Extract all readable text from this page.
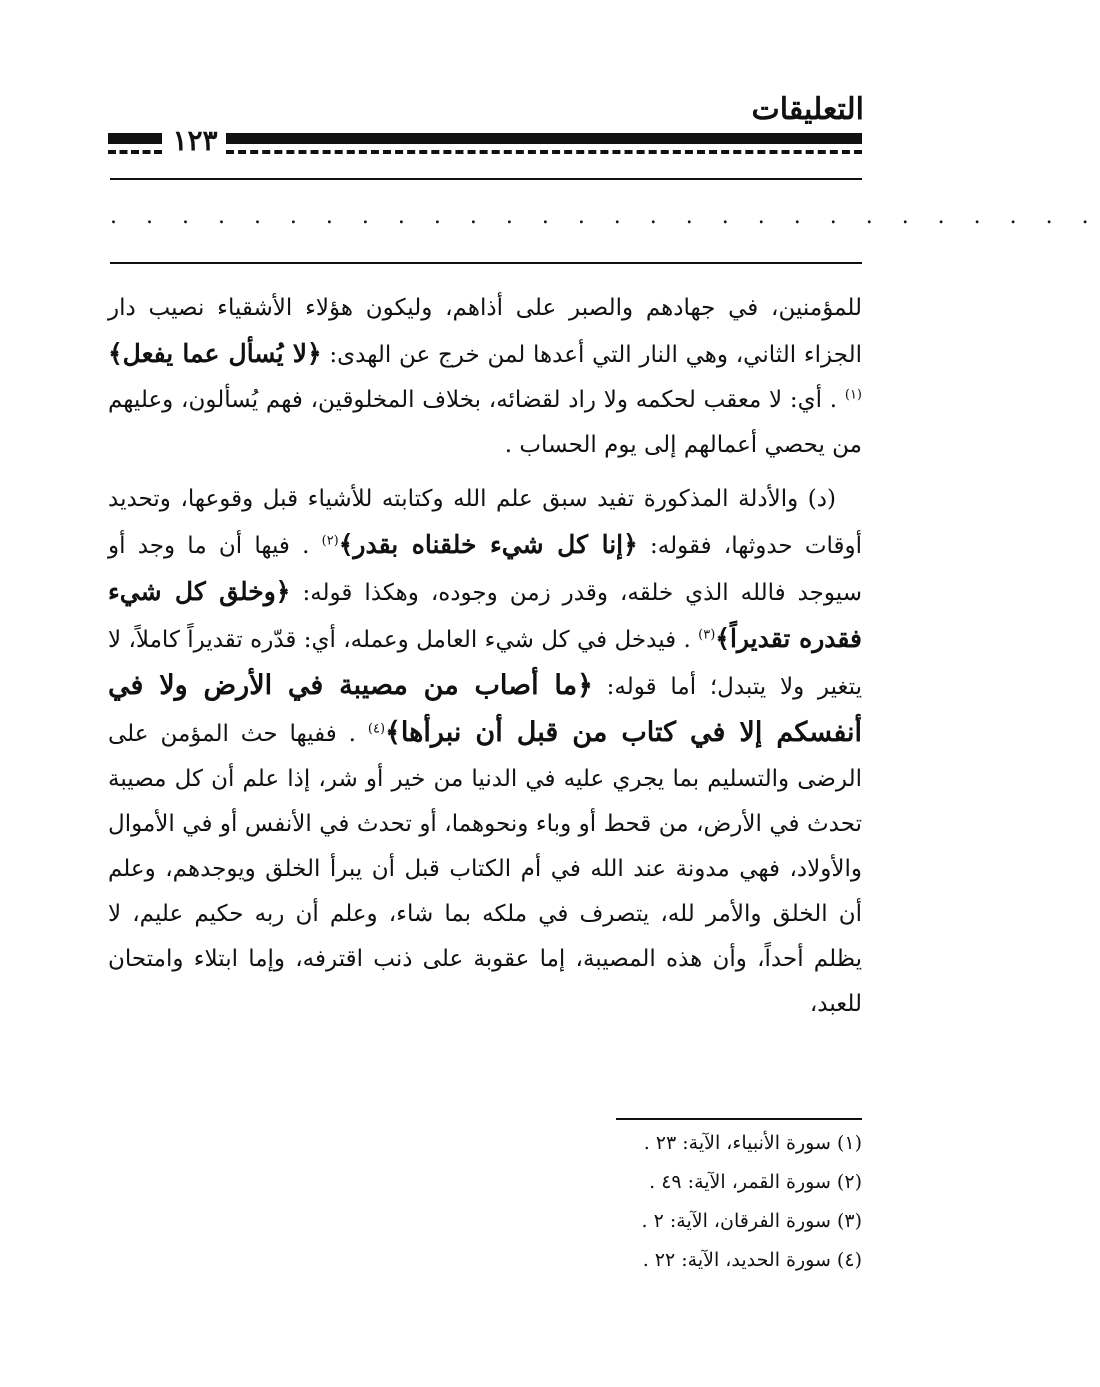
التعليقات
١٢٣
. . . . . . . . . . . . . . . . . . . . . . . . . . . .

للمؤمنين، في جهادهم والصبر على أذاهم، وليكون هؤلاء الأشقياء نصيب دار الجزاء الثاني، وهي النار التي أعدها لمن خرج عن الهدى: ﴿لا يُسأل عما يفعل﴾$^{(١)}$ . أي: لا معقب لحكمه ولا راد لقضائه، بخلاف المخلوقين، فهم يُسألون، وعليهم من يحصي أعمالهم إلى يوم الحساب .

(د) والأدلة المذكورة تفيد سبق علم الله وكتابته للأشياء قبل وقوعها، وتحديد أوقات حدوثها، فقوله: ﴿إنا كل شيء خلقناه بقدر﴾$^{(٢)}$ . فيها أن ما وجد أو سيوجد فالله الذي خلقه، وقدر زمن وجوده، وهكذا قوله: ﴿وخلق كل شيء فقدره تقديراً﴾$^{(٣)}$ . فيدخل في كل شيء العامل وعمله، أي: قدّره تقديراً كاملاً، لا يتغير ولا يتبدل؛ أما قوله: ﴿ما أصاب من مصيبة في الأرض ولا في أنفسكم إلا في كتاب من قبل أن نبرأها﴾$^{(٤)}$ . ففيها حث المؤمن على الرضى والتسليم بما يجري عليه في الدنيا من خير أو شر، إذا علم أن كل مصيبة تحدث في الأرض، من قحط أو وباء ونحوهما، أو تحدث في الأنفس أو في الأموال والأولاد، فهي مدونة عند الله في أم الكتاب قبل أن يبرأ الخلق ويوجدهم، وعلم أن الخلق والأمر لله، يتصرف في ملكه بما شاء، وعلم أن ربه حكيم عليم، لا يظلم أحداً، وأن هذه المصيبة، إما عقوبة على ذنب اقترفه، وإما ابتلاء وامتحان للعبد،

(١) سورة الأنبياء، الآية: ٢٣ .
(٢) سورة القمر، الآية: ٤٩ .
(٣) سورة الفرقان، الآية: ٢ .
(٤) سورة الحديد، الآية: ٢٢ .
